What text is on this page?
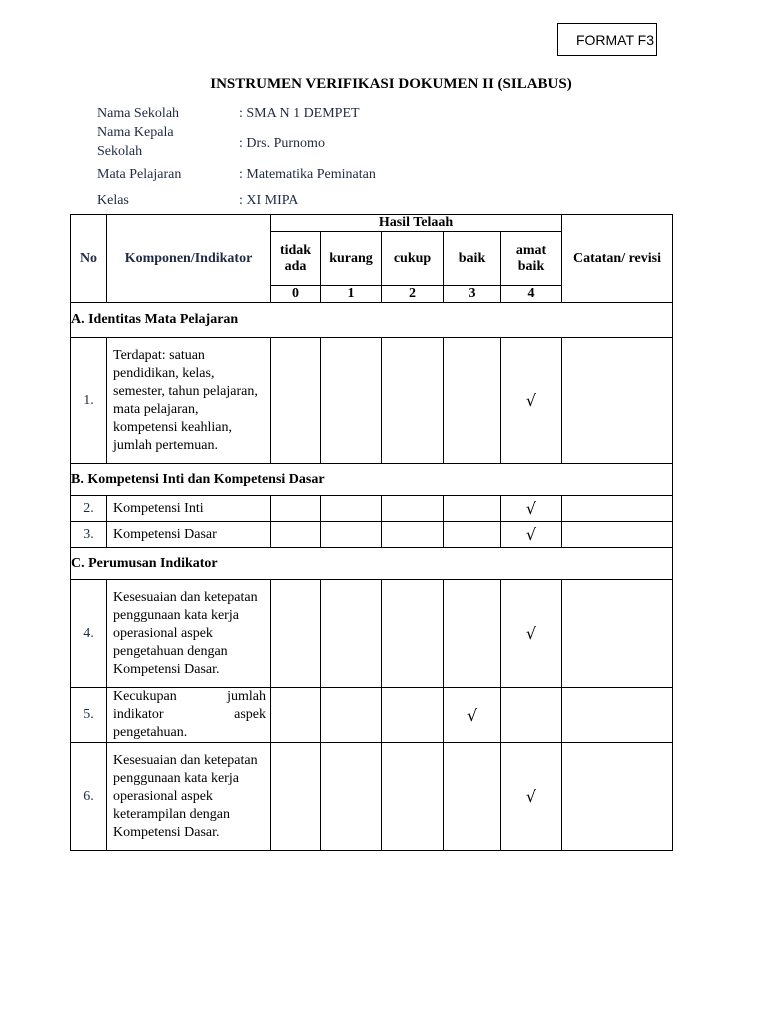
FORMAT F3
INSTRUMEN VERIFIKASI DOKUMEN II (SILABUS)
Nama Sekolah	: SMA N 1 DEMPET
Nama Kepala Sekolah
: Drs. Purnomo
Mata Pelajaran	: Matematika Peminatan
Kelas	: XI MIPA
No	Komponen/Indikator	Hasil Telaah					Catatan/ revisi
		tidak ada	kurang	cukup	baik	amat baik	
		0	1	2	3	4	
A. Identitas Mata Pelajaran							
1.	Terdapat: satuan pendidikan, kelas, semester, tahun pelajaran, mata pelajaran, kompetensi keahlian, jumlah pertemuan.					√	
B. Kompetensi Inti dan Kompetensi Dasar							
2.	Kompetensi Inti					√	
3.	Kompetensi Dasar					√	
C. Perumusan Indikator							
4.	Kesesuaian dan ketepatan penggunaan kata kerja operasional aspek pengetahuan dengan Kompetensi Dasar.					√	
5.	Kecukupan jumlah indikator aspek pengetahuan.				√		
6.	Kesesuaian dan ketepatan penggunaan kata kerja operasional aspek keterampilan dengan Kompetensi Dasar.					√	
